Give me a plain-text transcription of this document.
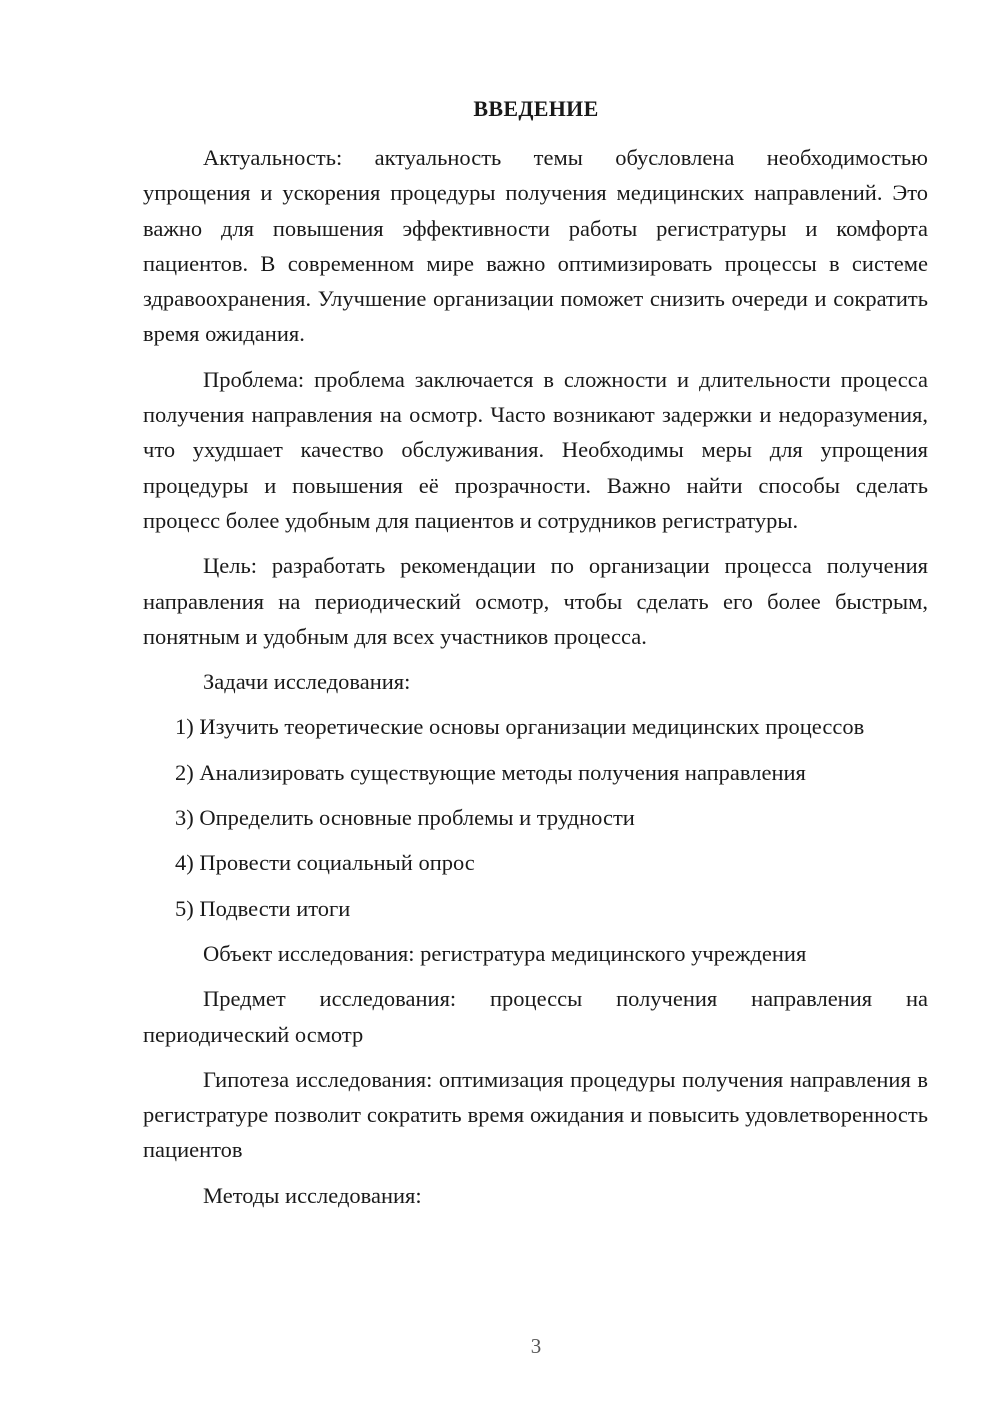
ВВЕДЕНИЕ

Актуальность: актуальность темы обусловлена необходимостью упрощения и ускорения процедуры получения медицинских направлений. Это важно для повышения эффективности работы регистратуры и комфорта пациентов. В современном мире важно оптимизировать процессы в системе здравоохранения. Улучшение организации поможет снизить очереди и сократить время ожидания.

Проблема: проблема заключается в сложности и длительности процесса получения направления на осмотр. Часто возникают задержки и недоразумения, что ухудшает качество обслуживания. Необходимы меры для упрощения процедуры и повышения её прозрачности. Важно найти способы сделать процесс более удобным для пациентов и сотрудников регистратуры.

Цель: разработать рекомендации по организации процесса получения направления на периодический осмотр, чтобы сделать его более быстрым, понятным и удобным для всех участников процесса.

Задачи исследования:

1) Изучить теоретические основы организации медицинских процессов

2) Анализировать существующие методы получения направления

3) Определить основные проблемы и трудности

4) Провести социальный опрос

5) Подвести итоги

Объект исследования: регистратура медицинского учреждения

Предмет исследования: процессы получения направления на периодический осмотр

Гипотеза исследования: оптимизация процедуры получения направления в регистратуре позволит сократить время ожидания и повысить удовлетворенность пациентов

Методы исследования:

3
